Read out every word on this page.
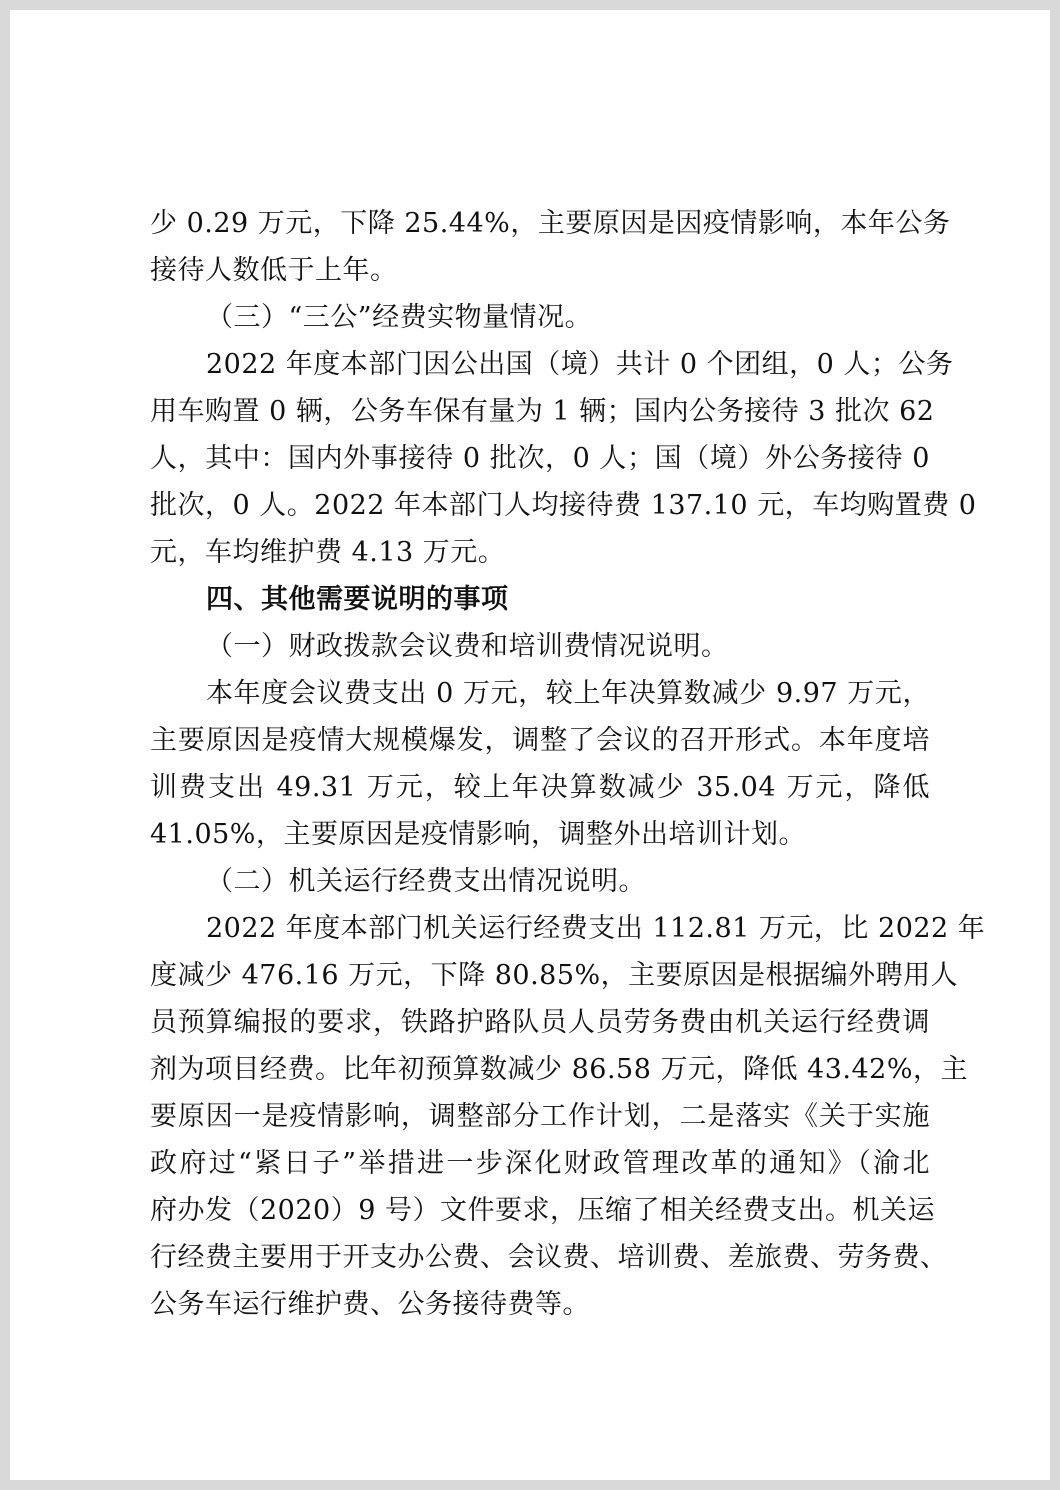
少 0.29 万元，下降 25.44%，主要原因是因疫情影响，本年公务
接待人数低于上年。
（三）“三公”经费实物量情况。
2022 年度本部门因公出国（境）共计 0 个团组，0 人；公务
用车购置 0 辆，公务车保有量为 1 辆；国内公务接待 3 批次 62
人，其中：国内外事接待 0 批次，0 人；国（境）外公务接待 0
批次，0 人。2022 年本部门人均接待费 137.10 元，车均购置费 0
元，车均维护费 4.13 万元。
四、其他需要说明的事项
（一）财政拨款会议费和培训费情况说明。
本年度会议费支出 0 万元，较上年决算数减少 9.97 万元，
主要原因是疫情大规模爆发，调整了会议的召开形式。本年度培
训费支出 49.31 万元，较上年决算数减少 35.04 万元，降低
41.05%，主要原因是疫情影响，调整外出培训计划。
（二）机关运行经费支出情况说明。
2022 年度本部门机关运行经费支出 112.81 万元，比 2022 年
度减少 476.16 万元，下降 80.85%，主要原因是根据编外聘用人
员预算编报的要求，铁路护路队员人员劳务费由机关运行经费调
剂为项目经费。比年初预算数减少 86.58 万元，降低 43.42%，主
要原因一是疫情影响，调整部分工作计划，二是落实《关于实施
政府过“紧日子”举措进一步深化财政管理改革的通知》（渝北
府办发（2020）9 号）文件要求，压缩了相关经费支出。机关运
行经费主要用于开支办公费、会议费、培训费、差旅费、劳务费、
公务车运行维护费、公务接待费等。
